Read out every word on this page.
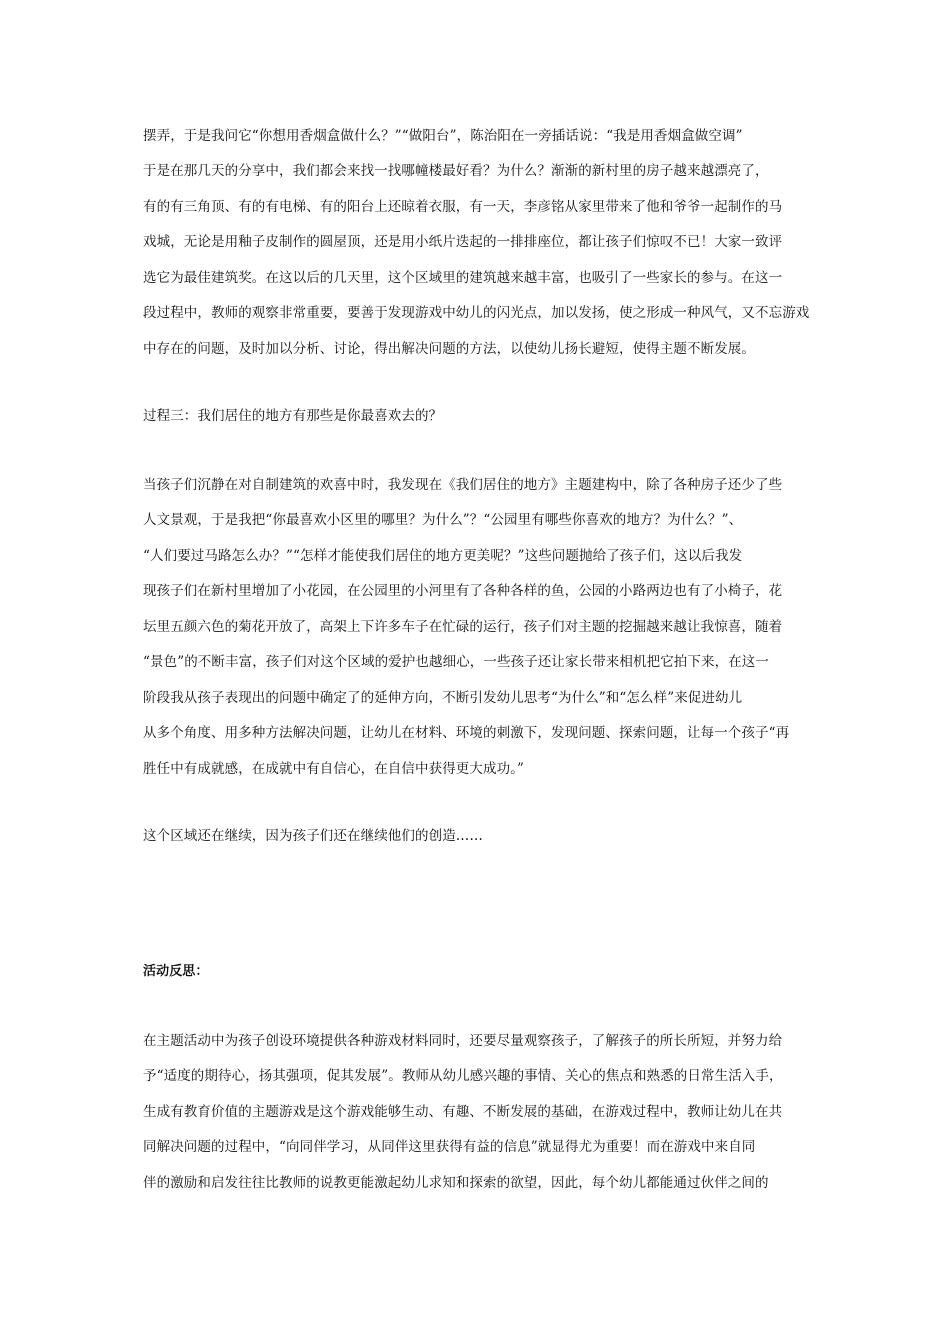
摆弄，于是我问它“你想用香烟盒做什么？”“做阳台”，陈治阳在一旁插话说：“我是用香烟盒做空调”
于是在那几天的分享中，我们都会来找一找哪幢楼最好看？为什么？渐渐的新村里的房子越来越漂亮了，
有的有三角顶、有的有电梯、有的阳台上还晾着衣服，有一天，李彦铭从家里带来了他和爷爷一起制作的马
戏城，无论是用釉子皮制作的圆屋顶，还是用小纸片迭起的一排排座位，都让孩子们惊叹不已！大家一致评
选它为最佳建筑奖。在这以后的几天里，这个区域里的建筑越来越丰富，也吸引了一些家长的参与。在这一
段过程中，教师的观察非常重要，要善于发现游戏中幼儿的闪光点，加以发扬，使之形成一种风气，又不忘游戏
中存在的问题，及时加以分析、讨论，得出解决问题的方法，以使幼儿扬长避短，使得主题不断发展。
过程三：我们居住的地方有那些是你最喜欢去的？
当孩子们沉静在对自制建筑的欢喜中时，我发现在《我们居住的地方》主题建构中，除了各种房子还少了些
人文景观，于是我把“你最喜欢小区里的哪里？为什么”？“公园里有哪些你喜欢的地方？为什么？”、
“人们要过马路怎么办？”“怎样才能使我们居住的地方更美呢？”这些问题抛给了孩子们，这以后我发
现孩子们在新村里增加了小花园，在公园里的小河里有了各种各样的鱼，公园的小路两边也有了小椅子，花
坛里五颜六色的菊花开放了，高架上下许多车子在忙碌的运行，孩子们对主题的挖掘越来越让我惊喜，随着
“景色”的不断丰富，孩子们对这个区域的爱护也越细心，一些孩子还让家长带来相机把它拍下来，在这一
阶段我从孩子表现出的问题中确定了的延伸方向，不断引发幼儿思考“为什么”和“怎么样”来促进幼儿
从多个角度、用多种方法解决问题，让幼儿在材料、环境的刺激下，发现问题、探索问题，让每一个孩子“再
胜任中有成就感，在成就中有自信心，在自信中获得更大成功。”
这个区域还在继续，因为孩子们还在继续他们的创造……
活动反思：
在主题活动中为孩子创设环境提供各种游戏材料同时，还要尽量观察孩子，了解孩子的所长所短，并努力给
予“适度的期待心，扬其强项，促其发展”。教师从幼儿感兴趣的事情、关心的焦点和熟悉的日常生活入手，
生成有教育价值的主题游戏是这个游戏能够生动、有趣、不断发展的基础，在游戏过程中，教师让幼儿在共
同解决问题的过程中，“向同伴学习，从同伴这里获得有益的信息”就显得尤为重要！而在游戏中来自同
伴的激励和启发往往比教师的说教更能激起幼儿求知和探索的欲望，因此，每个幼儿都能通过伙伴之间的
